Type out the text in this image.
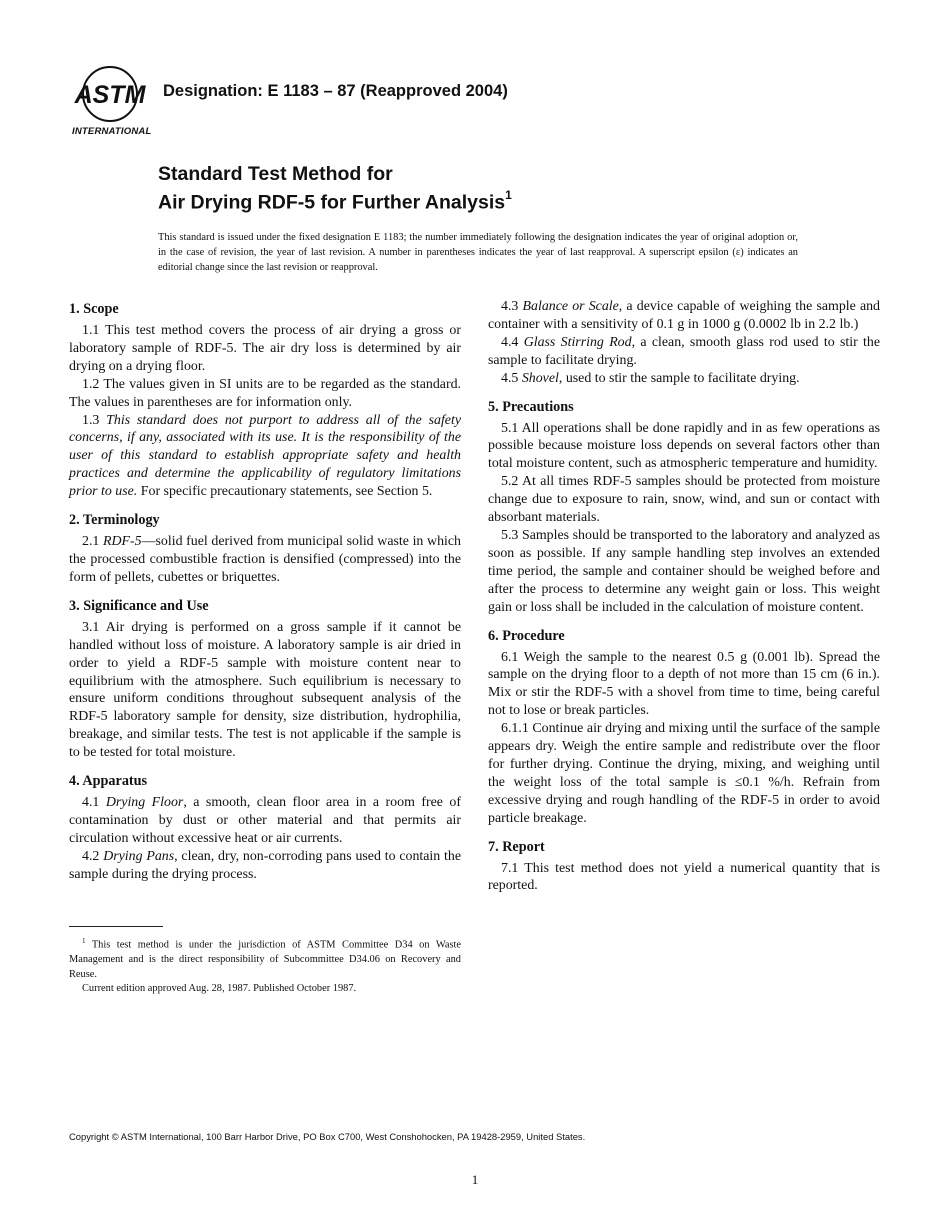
ASTM
INTERNATIONAL
Designation: E 1183 – 87 (Reapproved 2004)
Standard Test Method for
Air Drying RDF-5 for Further Analysis$^1$
This standard is issued under the fixed designation E 1183; the number immediately following the designation indicates the year of original adoption or, in the case of revision, the year of last revision. A number in parentheses indicates the year of last reapproval. A superscript epsilon (ε) indicates an editorial change since the last revision or reapproval.
1. Scope

1.1 This test method covers the process of air drying a gross or laboratory sample of RDF-5. The air dry loss is determined by air drying on a drying floor.

1.2 The values given in SI units are to be regarded as the standard. The values in parentheses are for information only.

1.3 This standard does not purport to address all of the safety concerns, if any, associated with its use. It is the responsibility of the user of this standard to establish appropriate safety and health practices and determine the applicability of regulatory limitations prior to use. For specific precautionary statements, see Section 5.

2. Terminology

2.1 RDF-5—solid fuel derived from municipal solid waste in which the processed combustible fraction is densified (compressed) into the form of pellets, cubettes or briquettes.

3. Significance and Use

3.1 Air drying is performed on a gross sample if it cannot be handled without loss of moisture. A laboratory sample is air dried in order to yield a RDF-5 sample with moisture content near to equilibrium with the atmosphere. Such equilibrium is necessary to ensure uniform conditions throughout subsequent analysis of the RDF-5 laboratory sample for density, size distribution, hydrophilia, breakage, and similar tests. The test is not applicable if the sample is to be tested for total moisture.

4. Apparatus

4.1 Drying Floor, a smooth, clean floor area in a room free of contamination by dust or other material and that permits air circulation without excessive heat or air currents.

4.2 Drying Pans, clean, dry, non-corroding pans used to contain the sample during the drying process.

$^1$ This test method is under the jurisdiction of ASTM Committee D34 on Waste Management and is the direct responsibility of Subcommittee D34.06 on Recovery and Reuse.

Current edition approved Aug. 28, 1987. Published October 1987.

4.3 Balance or Scale, a device capable of weighing the sample and container with a sensitivity of 0.1 g in 1000 g (0.0002 lb in 2.2 lb.)

4.4 Glass Stirring Rod, a clean, smooth glass rod used to stir the sample to facilitate drying.

4.5 Shovel, used to stir the sample to facilitate drying.

5. Precautions

5.1 All operations shall be done rapidly and in as few operations as possible because moisture loss depends on several factors other than total moisture content, such as atmospheric temperature and humidity.

5.2 At all times RDF-5 samples should be protected from moisture change due to exposure to rain, snow, wind, and sun or contact with absorbant materials.

5.3 Samples should be transported to the laboratory and analyzed as soon as possible. If any sample handling step involves an extended time period, the sample and container should be weighed before and after the process to determine any weight gain or loss. This weight gain or loss shall be included in the calculation of moisture content.

6. Procedure

6.1 Weigh the sample to the nearest 0.5 g (0.001 lb). Spread the sample on the drying floor to a depth of not more than 15 cm (6 in.). Mix or stir the RDF-5 with a shovel from time to time, being careful not to lose or break particles.

6.1.1 Continue air drying and mixing until the surface of the sample appears dry. Weigh the entire sample and redistribute over the floor for further drying. Continue the drying, mixing, and weighing until the weight loss of the total sample is ≤0.1 %/h. Refrain from excessive drying and rough handling of the RDF-5 in order to avoid particle breakage.

7. Report

7.1 This test method does not yield a numerical quantity that is reported.

Copyright © ASTM International, 100 Barr Harbor Drive, PO Box C700, West Conshohocken, PA 19428-2959, United States.
1
